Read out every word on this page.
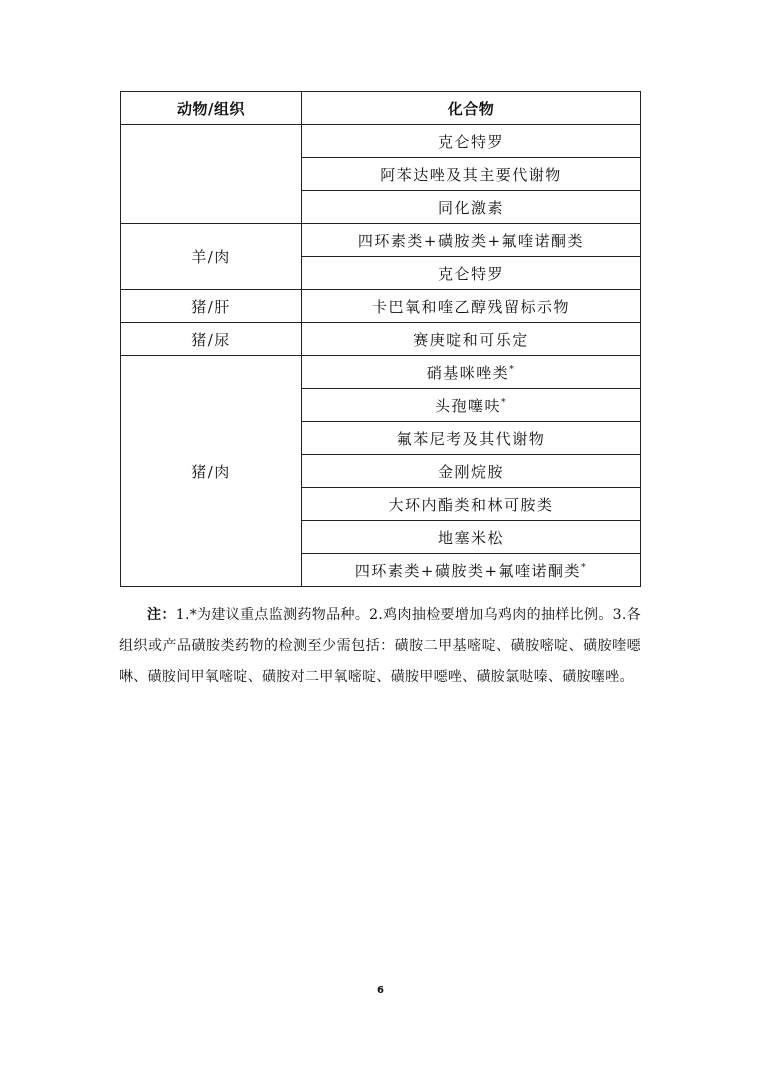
动物/组织	化合物
	克仑特罗
	阿苯达唑及其主要代谢物
	同化激素
羊/肉	四环素类+磺胺类+氟喹诺酮类
	克仑特罗
猪/肝	卡巴氧和喹乙醇残留标示物
猪/尿	赛庚啶和可乐定
猪/肉	硝基咪唑类*
	头孢噻呋*
	氟苯尼考及其代谢物
	金刚烷胺
	大环内酯类和林可胺类
	地塞米松
	四环素类+磺胺类+氟喹诺酮类*
注：1.*为建议重点监测药物品种。2.鸡肉抽检要增加乌鸡肉的抽样比例。3.各组织或产品磺胺类药物的检测至少需包括：磺胺二甲基嘧啶、磺胺嘧啶、磺胺喹噁啉、磺胺间甲氧嘧啶、磺胺对二甲氧嘧啶、磺胺甲噁唑、磺胺氯哒嗪、磺胺噻唑。
6
